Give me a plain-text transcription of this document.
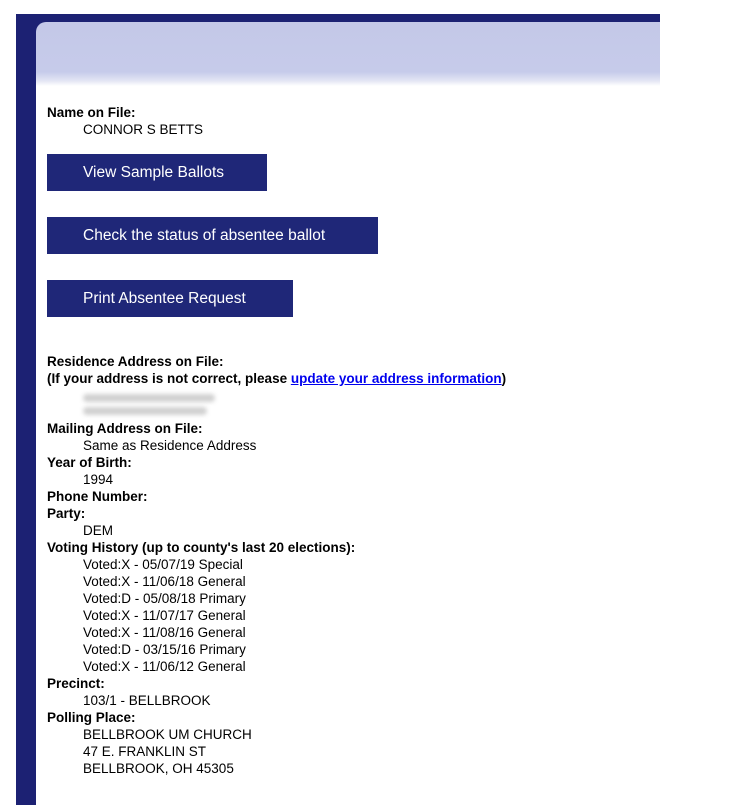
Name on File:
CONNOR S BETTS
View Sample Ballots
Check the status of absentee ballot
Print Absentee Request
Residence Address on File:
(If your address is not correct, please update your address information)
Mailing Address on File:
Same as Residence Address
Year of Birth:
1994
Phone Number:
Party:
DEM
Voting History (up to county's last 20 elections):
Voted:X - 05/07/19 Special
Voted:X - 11/06/18 General
Voted:D - 05/08/18 Primary
Voted:X - 11/07/17 General
Voted:X - 11/08/16 General
Voted:D - 03/15/16 Primary
Voted:X - 11/06/12 General
Precinct:
103/1 - BELLBROOK
Polling Place:
BELLBROOK UM CHURCH
47 E. FRANKLIN ST
BELLBROOK, OH 45305
